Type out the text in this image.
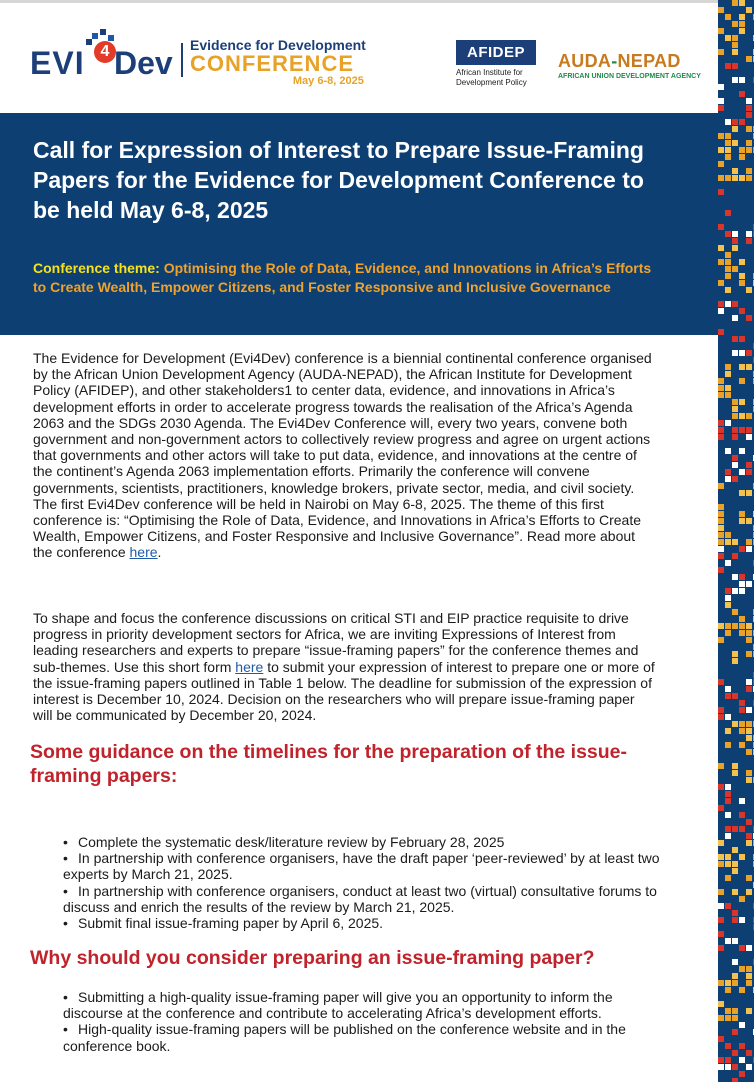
EVI 4 Dev Evidence for Development
CONFERENCE
May 6-8, 2025
AFIDEP
African Institute for
Development Policy
AUDA-NEPAD
AFRICAN UNION DEVELOPMENT AGENCY
Call for Expression of Interest to Prepare Issue-Framing Papers for the Evidence for Development Conference to be held May 6-8, 2025
Conference theme: Optimising the Role of Data, Evidence, and Innovations in Africa’s Efforts to Create Wealth, Empower Citizens, and Foster Responsive and Inclusive Governance

The Evidence for Development (Evi4Dev) conference is a biennial continental conference organised by the African Union Development Agency (AUDA-NEPAD), the African Institute for Development Policy (AFIDEP), and other stakeholders1 to center data, evidence, and innovations in Africa’s development efforts in order to accelerate progress towards the realisation of the Africa’s Agenda 2063 and the SDGs 2030 Agenda. The Evi4Dev Conference will, every two years, convene both government and non-government actors to collectively review progress and agree on urgent actions that governments and other actors will take to put data, evidence, and innovations at the centre of the continent’s Agenda 2063 implementation efforts. Primarily the conference will convene governments, scientists, practitioners, knowledge brokers, private sector, media, and civil society. The first Evi4Dev conference will be held in Nairobi on May 6-8, 2025. The theme of this first conference is: “Optimising the Role of Data, Evidence, and Innovations in Africa’s Efforts to Create Wealth, Empower Citizens, and Foster Responsive and Inclusive Governance”. Read more about the conference here.

To shape and focus the conference discussions on critical STI and EIP practice requisite to drive progress in priority development sectors for Africa, we are inviting Expressions of Interest from leading researchers and experts to prepare “issue-framing papers” for the conference themes and sub-themes. Use this short form here to submit your expression of interest to prepare one or more of the issue-framing papers outlined in Table 1 below. The deadline for submission of the expression of interest is December 10, 2024. Decision on the researchers who will prepare issue-framing paper will be communicated by December 20, 2024.

Some guidance on the timelines for the preparation of the issue-framing papers:
• Complete the systematic desk/literature review by February 28, 2025
• In partnership with conference organisers, have the draft paper ‘peer-reviewed’ by at least two experts by March 21, 2025.
• In partnership with conference organisers, conduct at least two (virtual) consultative forums to discuss and enrich the results of the review by March 21, 2025.
• Submit final issue-framing paper by April 6, 2025.
Why should you consider preparing an issue-framing paper?
• Submitting a high-quality issue-framing paper will give you an opportunity to inform the discourse at the conference and contribute to accelerating Africa’s development efforts.
• High-quality issue-framing papers will be published on the conference website and in the conference book.
